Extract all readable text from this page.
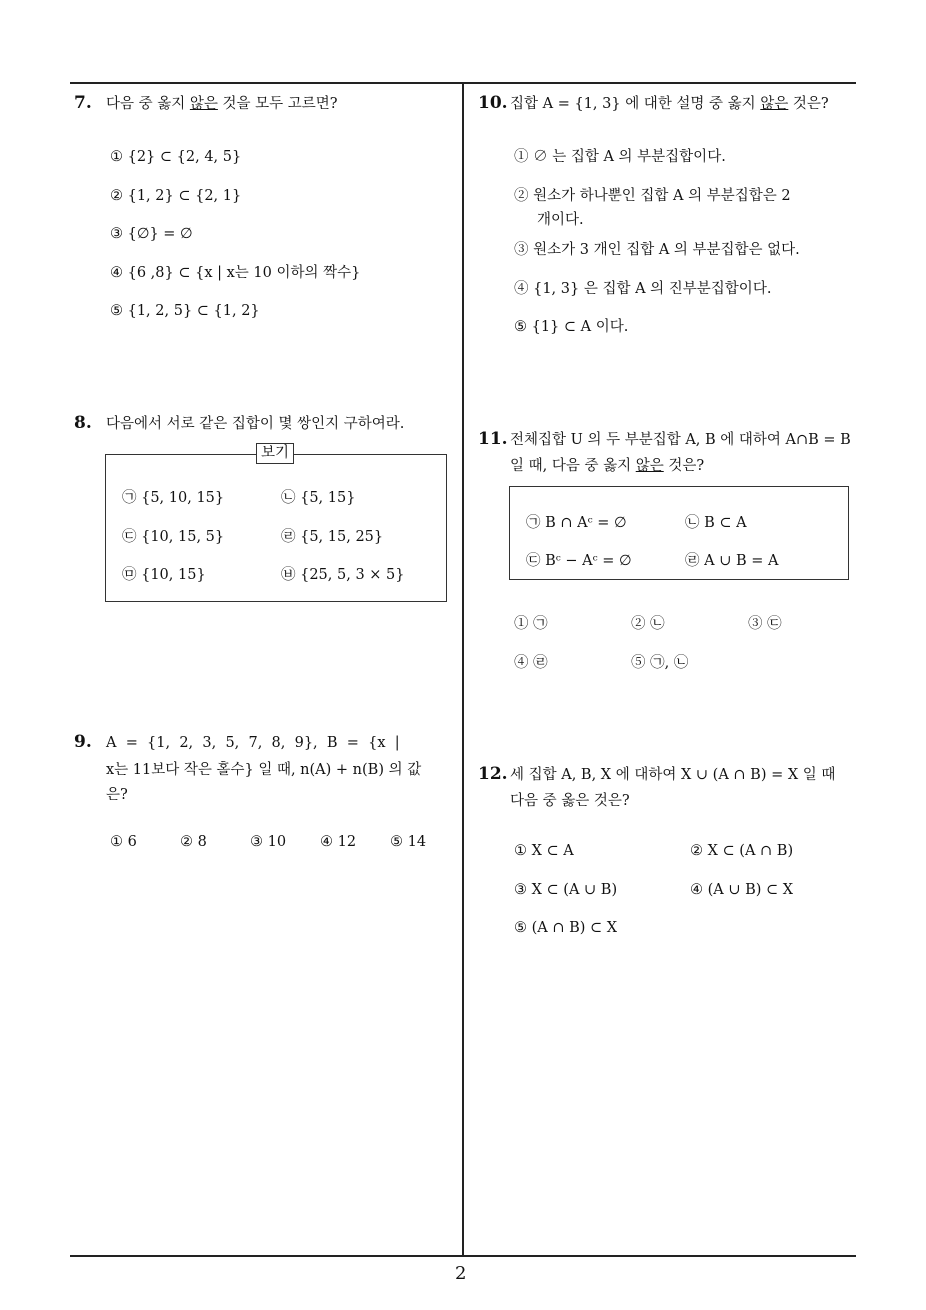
2
7. 다음 중 옳지 않은 것을 모두 고르면?
① {2} ⊂ {2, 4, 5}
② {1, 2} ⊂ {2, 1}
③ {∅} = ∅
④ {6 ,8} ⊂ {x | x는 10 이하의 짝수}
⑤ {1, 2, 5} ⊂ {1, 2}
8. 다음에서 서로 같은 집합이 몇 쌍인지 구하여라.
보기
㉠ {5, 10, 15}	㉡ {5, 15}
㉢ {10, 15, 5}	㉣ {5, 15, 25}
㉤ {10, 15}	㉥ {25, 5, 3 × 5}
9. A  =  {1,  2,  3,  5,  7,  8,  9},  B  =  {x  |
x는 11보다 작은 홀수} 일 때, n(A) + n(B) 의 값
은?
① 6	② 8	③ 10 ④ 12 ⑤ 14
10. 집합 A = {1, 3} 에 대한 설명 중 옳지 않은 것은?
① ∅ 는 집합 A 의 부분집합이다.
② 원소가 하나뿐인 집합 A 의 부분집합은 2
개이다.
③ 원소가 3 개인 집합 A 의 부분집합은 없다.
④ {1, 3} 은 집합 A 의 진부분집합이다.
⑤ {1} ⊂ A 이다.
11. 전체집합 U 의 두 부분집합 A, B 에 대하여 A∩B = B
일 때, 다음 중 옳지 않은 것은?
㉠ B ∩ Aᶜ = ∅	㉡ B ⊂ A
㉢ Bᶜ − Aᶜ = ∅	㉣ A ∪ B = A
① ㉠	② ㉡	③ ㉢
④ ㉣	⑤ ㉠, ㉡
12. 세 집합 A, B, X 에 대하여 X ∪ (A ∩ B) = X 일 때
다음 중 옳은 것은?
① X ⊂ A	② X ⊂ (A ∩ B)
③ X ⊂ (A ∪ B)	④ (A ∪ B) ⊂ X
⑤ (A ∩ B) ⊂ X
